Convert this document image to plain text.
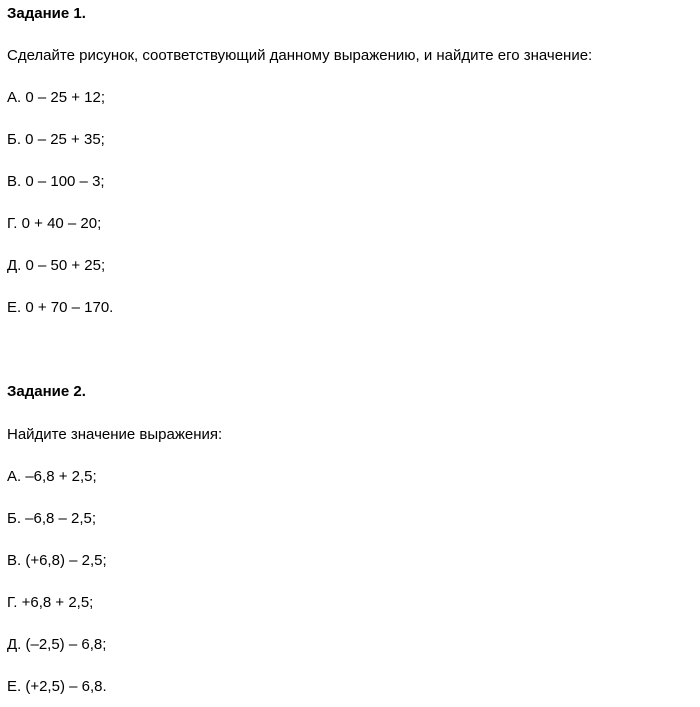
Задание 1.
Сделайте рисунок, соответствующий данному выражению, и найдите его значение:
А. 0 – 25 + 12;
Б. 0 – 25 + 35;
В. 0 – 100 – 3;
Г. 0 + 40 – 20;
Д. 0 – 50 + 25;
Е. 0 + 70 – 170.
Задание 2.
Найдите значение выражения:
А. –6,8 + 2,5;
Б. –6,8 – 2,5;
В. (+6,8) – 2,5;
Г. +6,8 + 2,5;
Д. (–2,5) – 6,8;
Е. (+2,5) – 6,8.
